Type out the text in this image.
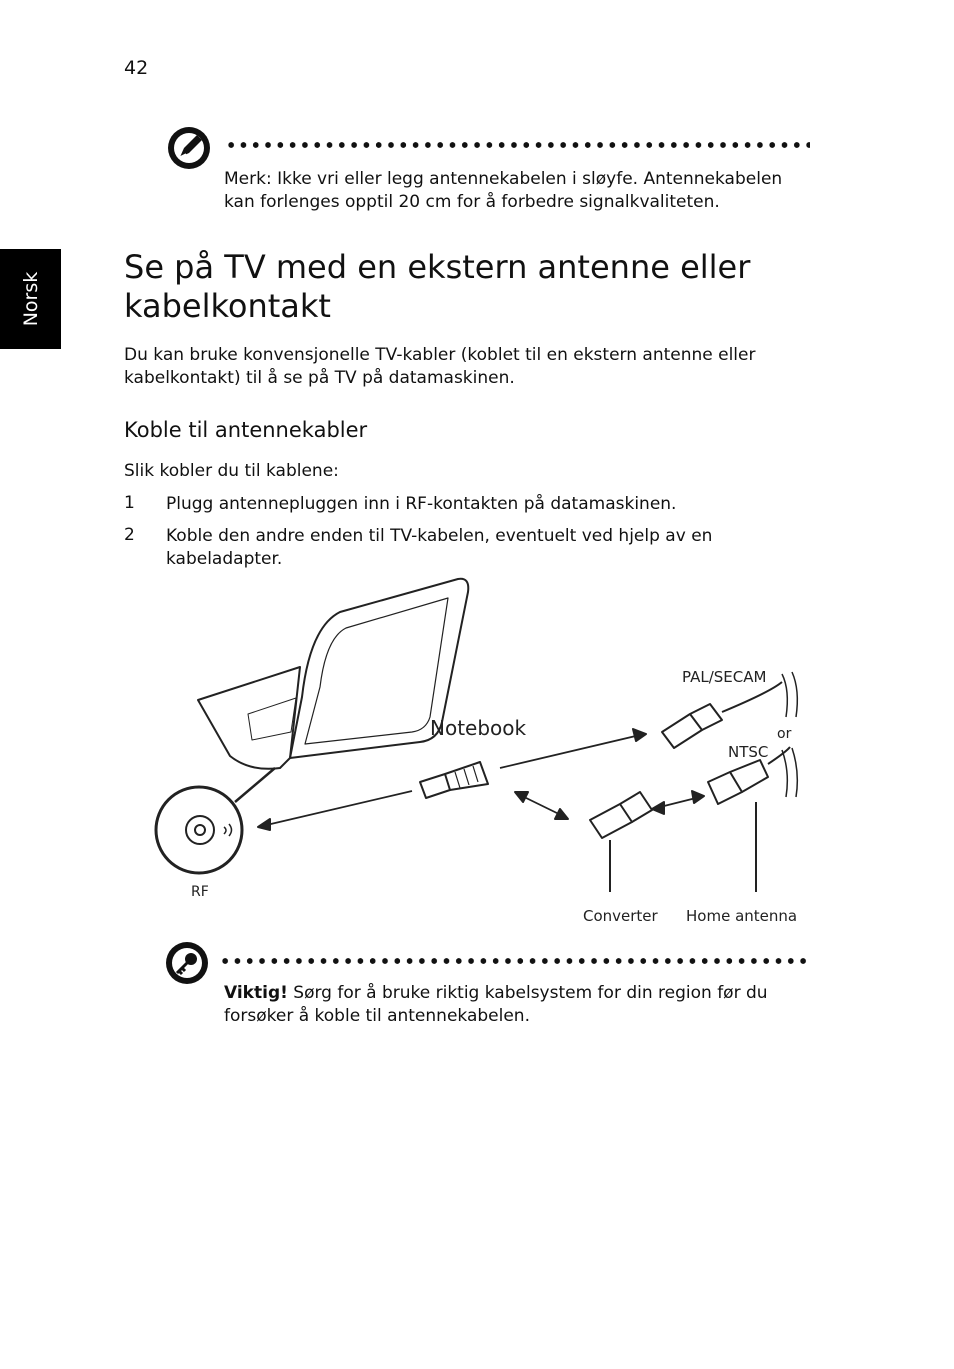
42
Norsk
Merk: Ikke vri eller legg antennekabelen i sløyfe. Antennekabelen kan forlenges opptil 20 cm for å forbedre signalkvaliteten.
Se på TV med en ekstern antenne eller kabelkontakt
Du kan bruke konvensjonelle TV-kabler (koblet til en ekstern antenne eller kabelkontakt) til å se på TV på datamaskinen.
Koble til antennekabler
Slik kobler du til kablene:
1 Plugg antennepluggen inn i RF-kontakten på datamaskinen.
2 Koble den andre enden til TV-kabelen, eventuelt ved hjelp av en kabeladapter.
Notebook
PAL/SECAM
or
NTSC
RF
Converter Home antenna
Viktig! Sørg for å bruke riktig kabelsystem for din region før du forsøker å koble til antennekabelen.
